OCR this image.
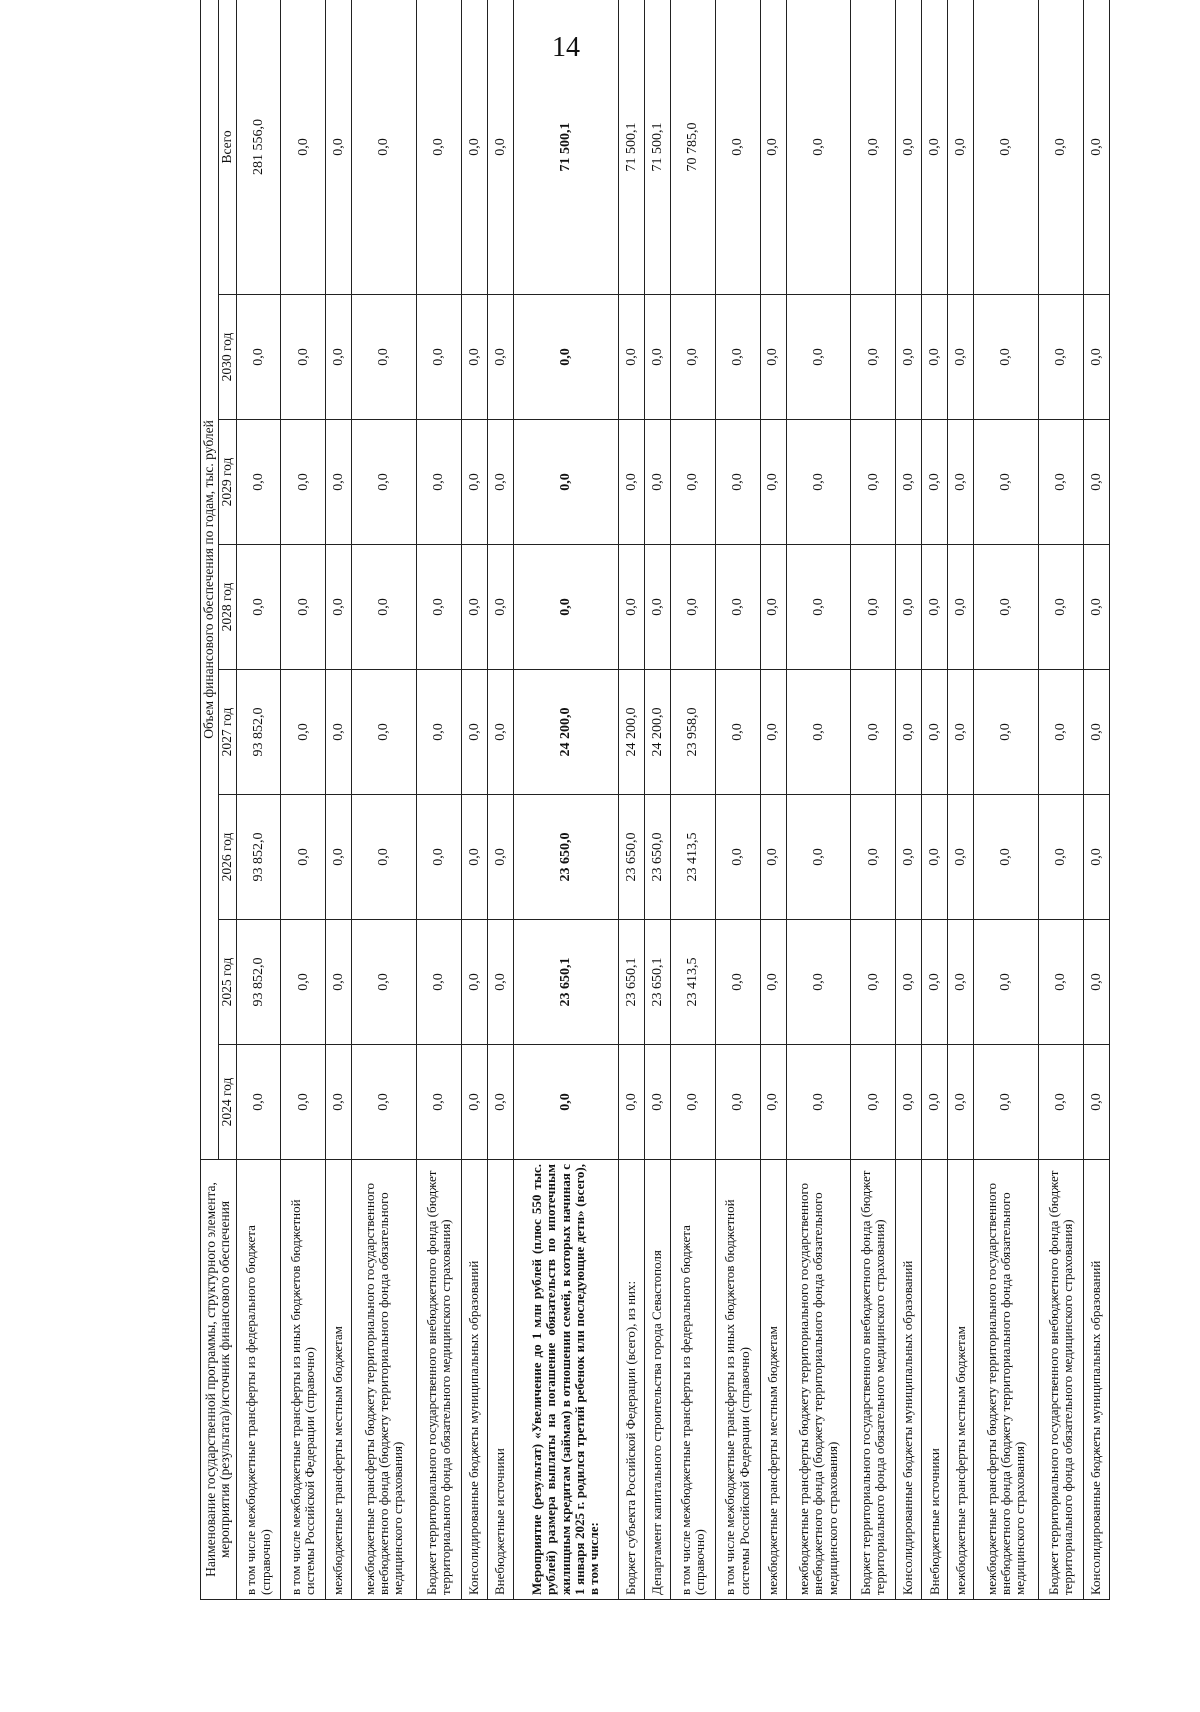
14
Наименование государственной программы, структурного элемента, мероприятия (результата)/источник финансового обеспечения	Объем финансового обеспечения по годам, тыс. рублей							
	2024 год	2025 год	2026 год	2027 год	2028 год	2029 год	2030 год	Всего
в том числе межбюджетные трансферты из федерального бюджета (справочно)	0,0	93 852,0	93 852,0	93 852,0	0,0	0,0	0,0	281 556,0
в том числе межбюджетные трансферты из иных бюджетов бюджетной системы Российской Федерации (справочно)	0,0	0,0	0,0	0,0	0,0	0,0	0,0	0,0
межбюджетные трансферты местным бюджетам	0,0	0,0	0,0	0,0	0,0	0,0	0,0	0,0
межбюджетные трансферты бюджету территориального государственного внебюджетного фонда (бюджету территориального фонда обязательного медицинского страхования)	0,0	0,0	0,0	0,0	0,0	0,0	0,0	0,0
Бюджет территориального государственного внебюджетного фонда (бюджет территориального фонда обязательного медицинского страхования)	0,0	0,0	0,0	0,0	0,0	0,0	0,0	0,0
Консолидированные бюджеты муниципальных образований	0,0	0,0	0,0	0,0	0,0	0,0	0,0	0,0
Внебюджетные источники	0,0	0,0	0,0	0,0	0,0	0,0	0,0	0,0
Мероприятие (результат) «Увеличение до 1 млн рублей (плюс 550 тыс. рублей) размера выплаты на погашение обязательств по ипотечным жилищным кредитам (займам) в отношении семей, в которых начиная с 1 января 2025 г. родился третий ребенок или последующие дети» (всего), в том числе:	0,0	23 650,1	23 650,0	24 200,0	0,0	0,0	0,0	71 500,1
Бюджет субъекта Российской Федерации (всего), из них:	0,0	23 650,1	23 650,0	24 200,0	0,0	0,0	0,0	71 500,1
Департамент капитального строительства города Севастополя	0,0	23 650,1	23 650,0	24 200,0	0,0	0,0	0,0	71 500,1
в том числе межбюджетные трансферты из федерального бюджета (справочно)	0,0	23 413,5	23 413,5	23 958,0	0,0	0,0	0,0	70 785,0
в том числе межбюджетные трансферты из иных бюджетов бюджетной системы Российской Федерации (справочно)	0,0	0,0	0,0	0,0	0,0	0,0	0,0	0,0
межбюджетные трансферты местным бюджетам	0,0	0,0	0,0	0,0	0,0	0,0	0,0	0,0
межбюджетные трансферты бюджету территориального государственного внебюджетного фонда (бюджету территориального фонда обязательного медицинского страхования)	0,0	0,0	0,0	0,0	0,0	0,0	0,0	0,0
Бюджет территориального государственного внебюджетного фонда (бюджет территориального фонда обязательного медицинского страхования)	0,0	0,0	0,0	0,0	0,0	0,0	0,0	0,0
Консолидированные бюджеты муниципальных образований	0,0	0,0	0,0	0,0	0,0	0,0	0,0	0,0
Внебюджетные источники	0,0	0,0	0,0	0,0	0,0	0,0	0,0	0,0
межбюджетные трансферты местным бюджетам	0,0	0,0	0,0	0,0	0,0	0,0	0,0	0,0
межбюджетные трансферты бюджету территориального государственного внебюджетного фонда (бюджету территориального фонда обязательного медицинского страхования)	0,0	0,0	0,0	0,0	0,0	0,0	0,0	0,0
Бюджет территориального государственного внебюджетного фонда (бюджет территориального фонда обязательного медицинского страхования)	0,0	0,0	0,0	0,0	0,0	0,0	0,0	0,0
Консолидированные бюджеты муниципальных образований	0,0	0,0	0,0	0,0	0,0	0,0	0,0	0,0
